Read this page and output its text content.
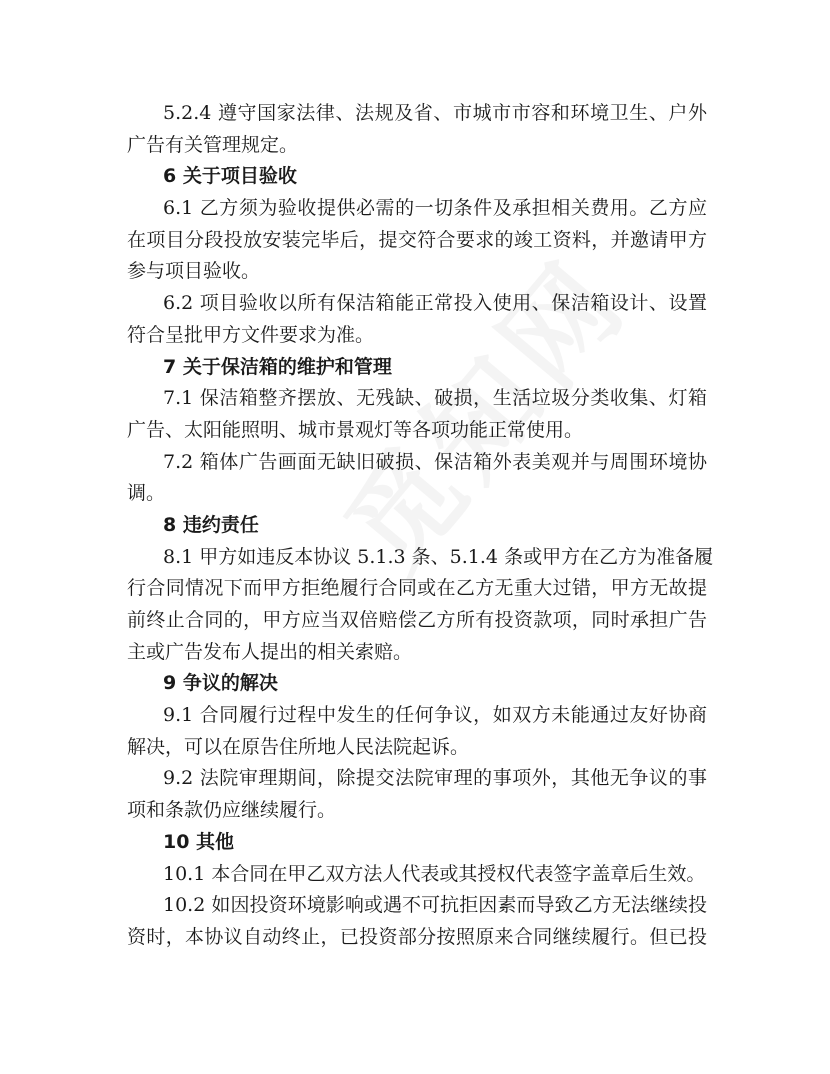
5.2.4 遵守国家法律、法规及省、市城市市容和环境卫生、户外
广告有关管理规定。
6 关于项目验收
6.1 乙方须为验收提供必需的一切条件及承担相关费用。乙方应
在项目分段投放安装完毕后，提交符合要求的竣工资料，并邀请甲方
参与项目验收。
6.2 项目验收以所有保洁箱能正常投入使用、保洁箱设计、设置
符合呈批甲方文件要求为准。
7 关于保洁箱的维护和管理
7.1 保洁箱整齐摆放、无残缺、破损，生活垃圾分类收集、灯箱
广告、太阳能照明、城市景观灯等各项功能正常使用。
7.2 箱体广告画面无缺旧破损、保洁箱外表美观并与周围环境协
调。
8 违约责任
8.1 甲方如违反本协议 5.1.3 条、5.1.4 条或甲方在乙方为准备履
行合同情况下而甲方拒绝履行合同或在乙方无重大过错，甲方无故提
前终止合同的，甲方应当双倍赔偿乙方所有投资款项，同时承担广告
主或广告发布人提出的相关索赔。
9 争议的解决
9.1 合同履行过程中发生的任何争议，如双方未能通过友好协商
解决，可以在原告住所地人民法院起诉。
9.2 法院审理期间，除提交法院审理的事项外，其他无争议的事
项和条款仍应继续履行。
10 其他
10.1 本合同在甲乙双方法人代表或其授权代表签字盖章后生效。
10.2 如因投资环境影响或遇不可抗拒因素而导致乙方无法继续投
资时，本协议自动终止，已投资部分按照原来合同继续履行。但已投
